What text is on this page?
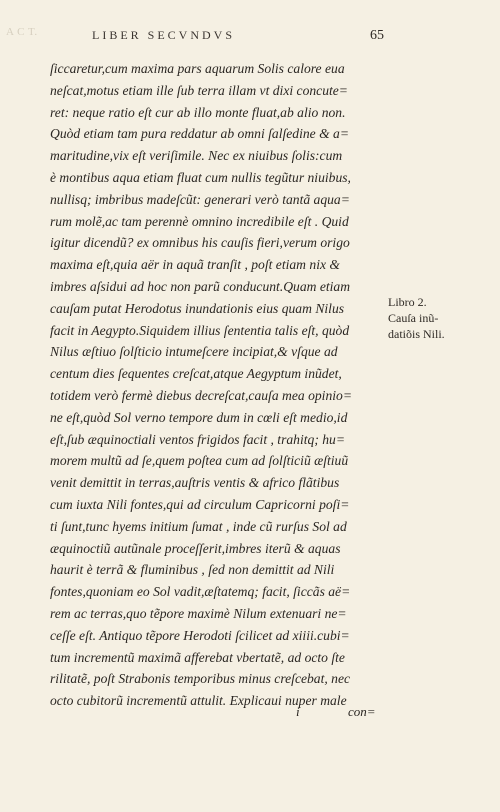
A C T.	LIBER SECVNDVS	65
ſiccaretur,cum maxima pars aquarum Solis calore eua
neſcat,motus etiam ille ſub terra illam vt dixi concute=
ret: neque ratio eſt cur ab illo monte fluat,ab alio non.
Quòd etiam tam pura reddatur ab omni ſalſedine & a=
maritudine,vix eſt veriſimile. Nec ex niuibus ſolis:cum
è montibus aqua etiam fluat cum nullis tegũtur niuibus,
nullisq; imbribus madeſcũt: generari verò tantã aqua=
rum molẽ,ac tam perennè omnino incredibile eſt . Quid
igitur dicendũ? ex omnibus his cauſis fieri,verum origo
maxima eſt,quia aër in aquã tranſit , poſt etiam nix &
imbres aſsidui ad hoc non parũ conducunt.Quam etiam
cauſam putat Herodotus inundationis eius quam Nilus
facit in Aegypto.Siquidem illius ſententia talis eſt, quòd
Nilus æſtiuo ſolſticio intumeſcere incipiat,& vſque ad
centum dies ſequentes creſcat,atque Aegyptum inũdet,
totidem verò fermè diebus decreſcat,cauſa mea opinio=
ne eſt,quòd Sol verno tempore dum in cœli eſt medio,id
eſt,ſub æquinoctiali ventos frigidos facit , trahitq; hu=
morem multũ ad ſe,quem poſtea cum ad ſolſticiũ æſtiuũ
venit demittit in terras,auſtris ventis & africo flãtibus
cum iuxta Nili fontes,qui ad circulum Capricorni poſi=
ti ſunt,tunc hyems initium ſumat , inde cũ rurſus Sol ad
æquinoctiũ autũnale proceſſerit,imbres iterũ & aquas
haurit è terrã & fluminibus , ſed non demittit ad Nili
fontes,quoniam eo Sol vadit,æſtatemq; facit, ſiccãs aë=
rem ac terras,quo tẽpore maximè Nilum extenuari ne=
ceſſe eſt. Antiquo tẽpore Herodoti ſcilicet ad xiiii.cubi=
tum incrementũ maximã afferebat vbertatẽ, ad octo ſte
rilitatẽ, poſt Strabonis temporibus minus creſcebat, nec
octo cubitorũ incrementũ attulit. Explicaui nuper male
Libro 2.
Cauſa inũ-
datiõis Nili.
i	con=
